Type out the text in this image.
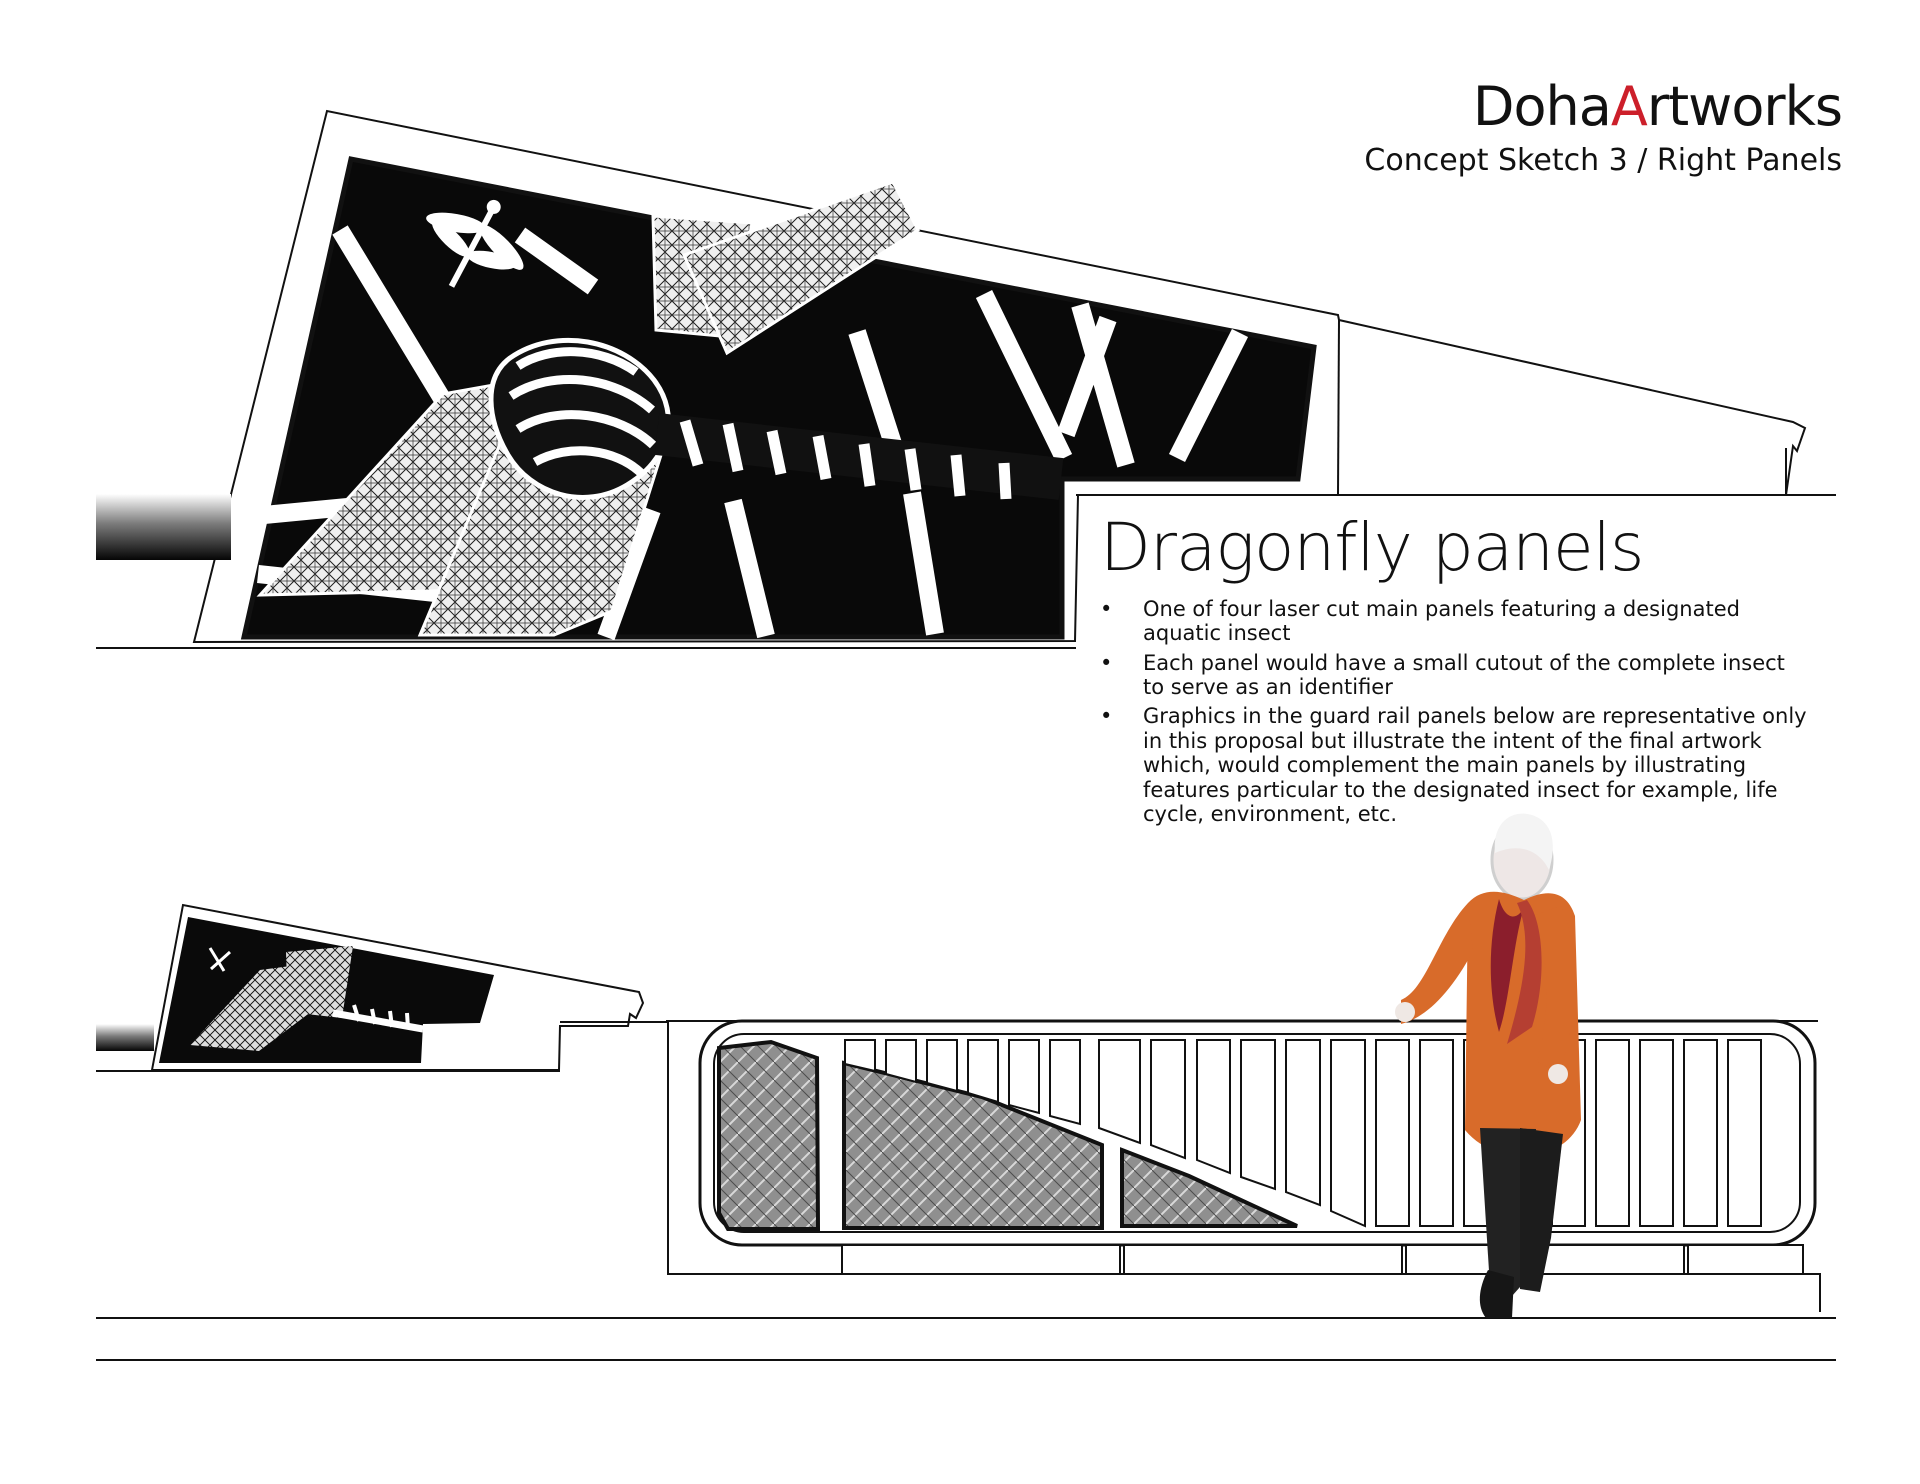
DohaArtworks
Concept Sketch 3 / Right Panels
Dragonfly panels
• One of four laser cut main panels featuring a designated aquatic insect
• Each panel would have a small cutout of the complete insect to serve as an identifier
• Graphics in the guard rail panels below are representative only in this proposal but illustrate the intent of the final artwork which, would complement the main panels by illustrating features particular to the designated insect for example, life cycle, environment, etc.
